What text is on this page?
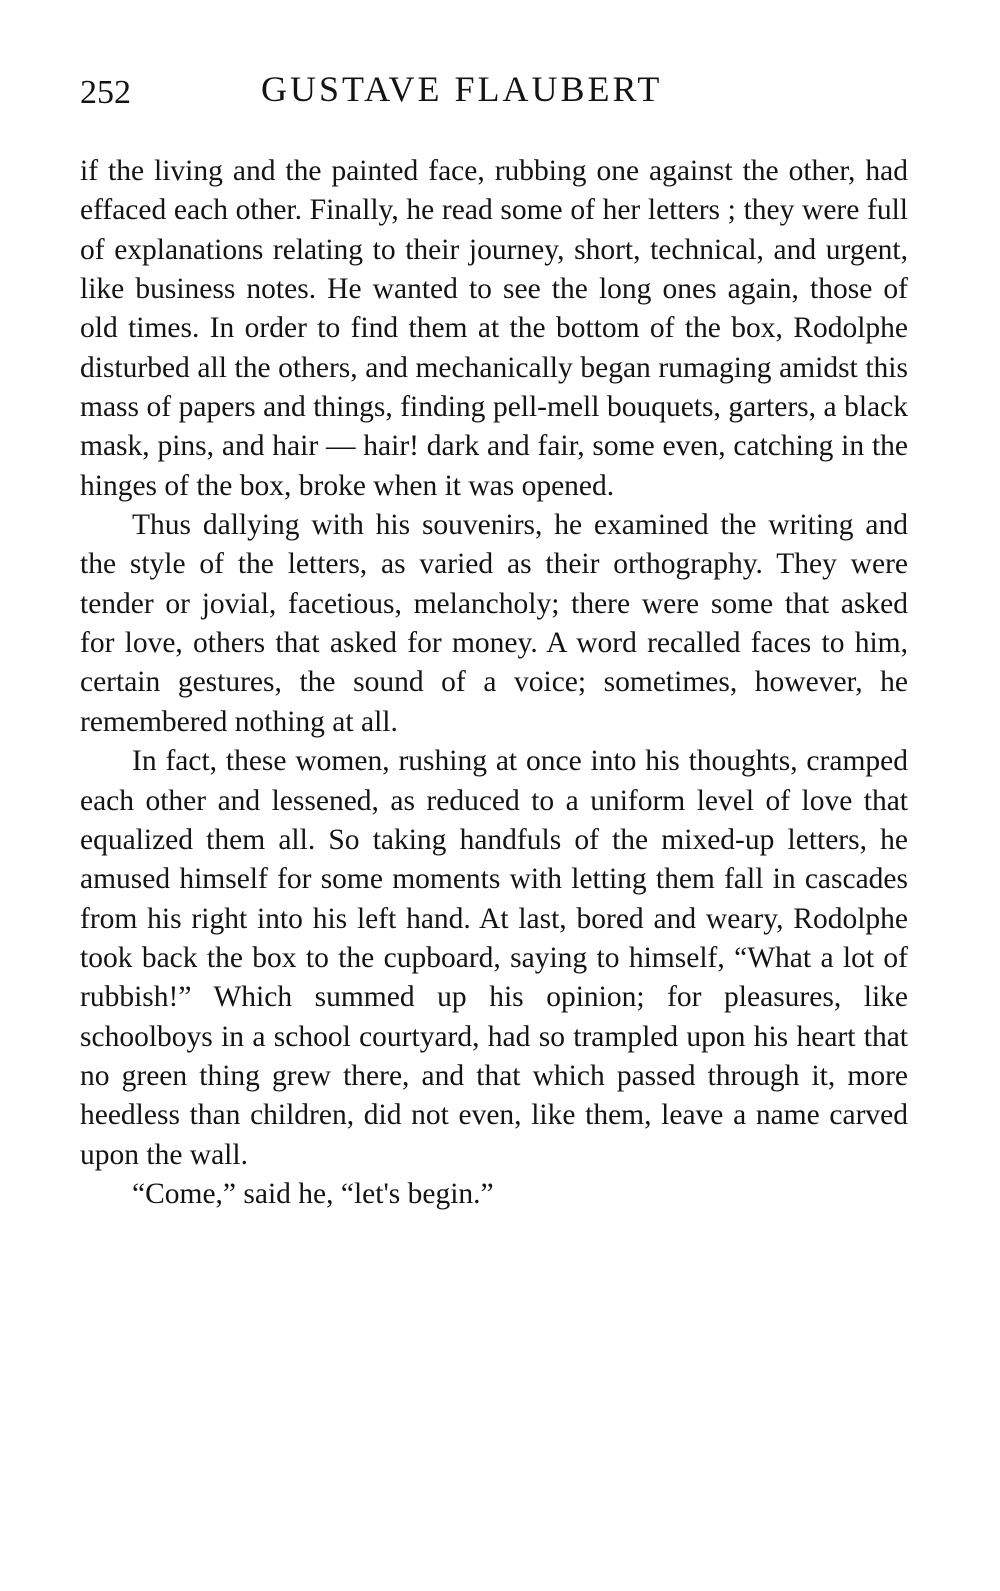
252	GUSTAVE FLAUBERT

if the living and the painted face, rubbing one against the other, had effaced each other. Finally, he read some of her letters ; they were full of explanations relating to their journey, short, technical, and urgent, like business notes. He wanted to see the long ones again, those of old times. In order to find them at the bottom of the box, Rodolphe disturbed all the others, and mechanically began rumaging amidst this mass of papers and things, finding pell-mell bouquets, garters, a black mask, pins, and hair — hair! dark and fair, some even, catching in the hinges of the box, broke when it was opened.

Thus dallying with his souvenirs, he examined the writing and the style of the letters, as varied as their orthography. They were tender or jovial, facetious, melancholy; there were some that asked for love, others that asked for money. A word recalled faces to him, certain gestures, the sound of a voice; sometimes, however, he remembered nothing at all.

In fact, these women, rushing at once into his thoughts, cramped each other and lessened, as reduced to a uniform level of love that equalized them all. So taking handfuls of the mixed-up letters, he amused himself for some moments with letting them fall in cascades from his right into his left hand. At last, bored and weary, Rodolphe took back the box to the cupboard, saying to himself, “What a lot of rubbish!” Which summed up his opinion; for pleasures, like schoolboys in a school courtyard, had so trampled upon his heart that no green thing grew there, and that which passed through it, more heedless than children, did not even, like them, leave a name carved upon the wall.

“Come,” said he, “let's begin.”
